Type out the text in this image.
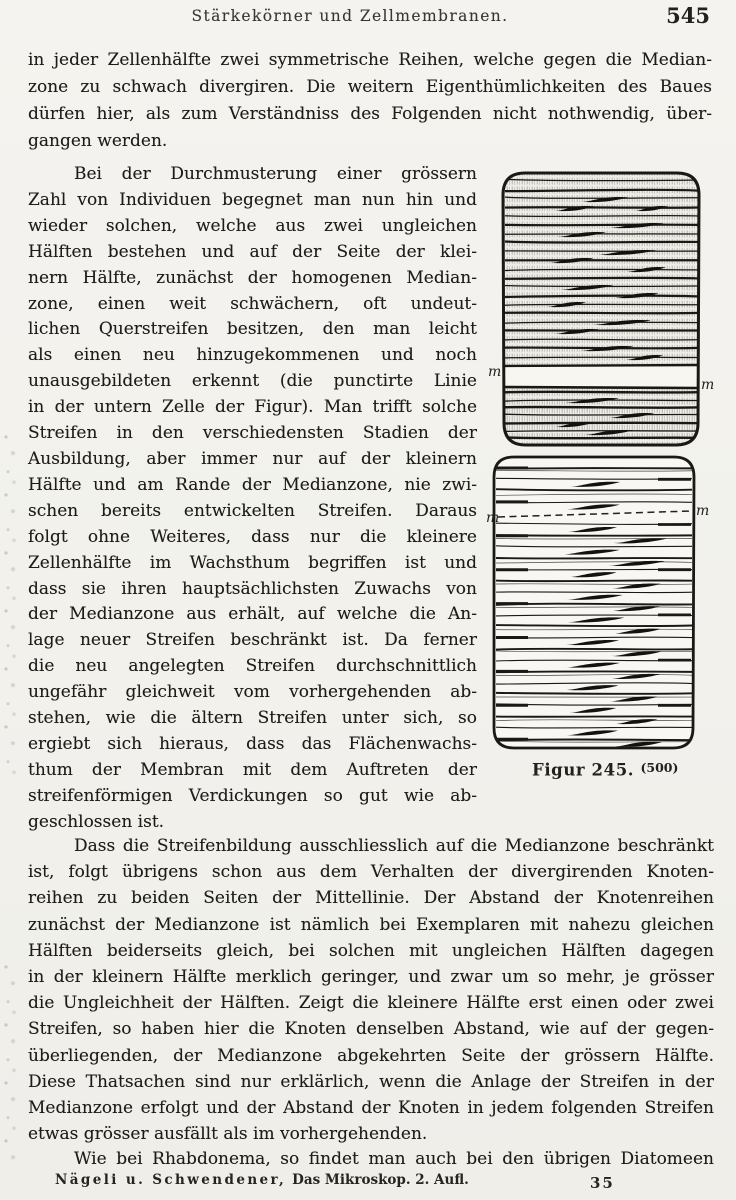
Stärkekörner und Zellmembranen.	545
in jeder Zellenhälfte zwei symmetrische Reihen, welche gegen die Median-
zone zu schwach divergiren. Die weitern Eigenthümlichkeiten des Baues
dürfen hier, als zum Verständniss des Folgenden nicht nothwendig, über-
gangen werden.
Bei der Durchmusterung einer grössern
Zahl von Individuen begegnet man nun hin und
wieder solchen, welche aus zwei ungleichen
Hälften bestehen und auf der Seite der klei-
nern Hälfte, zunächst der homogenen Median-
zone, einen weit schwächern, oft undeut-
lichen Querstreifen besitzen, den man leicht
als einen neu hinzugekommenen und noch
unausgebildeten erkennt (die punctirte Linie
in der untern Zelle der Figur). Man trifft solche
Streifen in den verschiedensten Stadien der
Ausbildung, aber immer nur auf der kleinern
Hälfte und am Rande der Medianzone, nie zwi-
schen bereits entwickelten Streifen. Daraus
folgt ohne Weiteres, dass nur die kleinere
Zellenhälfte im Wachsthum begriffen ist und
dass sie ihren hauptsächlichsten Zuwachs von
der Medianzone aus erhält, auf welche die An-
lage neuer Streifen beschränkt ist. Da ferner
die neu angelegten Streifen durchschnittlich
ungefähr gleichweit vom vorhergehenden ab-
stehen, wie die ältern Streifen unter sich, so
ergiebt sich hieraus, dass das Flächenwachs-
thum der Membran mit dem Auftreten der
streifenförmigen Verdickungen so gut wie ab-
geschlossen ist.
m
m
m	m
Figur 245. $^{(500)}$
Dass die Streifenbildung ausschliesslich auf die Medianzone beschränkt
ist, folgt übrigens schon aus dem Verhalten der divergirenden Knoten-
reihen zu beiden Seiten der Mittellinie. Der Abstand der Knotenreihen
zunächst der Medianzone ist nämlich bei Exemplaren mit nahezu gleichen
Hälften beiderseits gleich, bei solchen mit ungleichen Hälften dagegen
in der kleinern Hälfte merklich geringer, und zwar um so mehr, je grösser
die Ungleichheit der Hälften. Zeigt die kleinere Hälfte erst einen oder zwei
Streifen, so haben hier die Knoten denselben Abstand, wie auf der gegen-
überliegenden, der Medianzone abgekehrten Seite der grössern Hälfte.
Diese Thatsachen sind nur erklärlich, wenn die Anlage der Streifen in der
Medianzone erfolgt und der Abstand der Knoten in jedem folgenden Streifen
etwas grösser ausfällt als im vorhergehenden.
Wie bei Rhabdonema, so findet man auch bei den übrigen Diatomeen
Nägeli u. Schwendener, Das Mikroskop. 2. Aufl.	35
